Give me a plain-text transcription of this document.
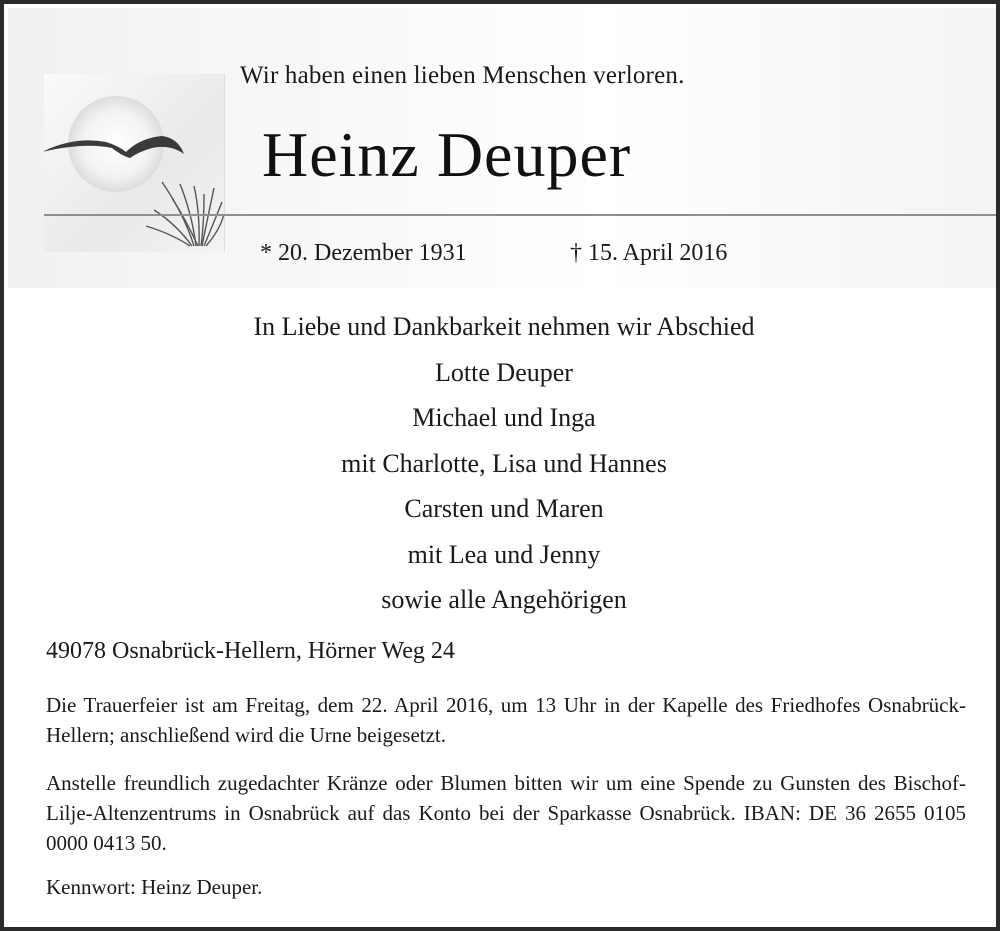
Wir haben einen lieben Menschen verloren.
Heinz Deuper
* 20. Dezember 1931	† 15. April 2016
In Liebe und Dankbarkeit nehmen wir Abschied
Lotte Deuper
Michael und Inga
mit Charlotte, Lisa und Hannes
Carsten und Maren
mit Lea und Jenny
sowie alle Angehörigen
49078 Osnabrück-Hellern, Hörner Weg 24
Die Trauerfeier ist am Freitag, dem 22. April 2016, um 13 Uhr in der Kapelle des Friedhofes Osnabrück-Hellern; anschließend wird die Urne beigesetzt.
Anstelle freundlich zugedachter Kränze oder Blumen bitten wir um eine Spende zu Gunsten des Bischof-Lilje-Altenzentrums in Osnabrück auf das Konto bei der Sparkasse Osnabrück. IBAN: DE 36 2655 0105 0000 0413 50.
Kennwort: Heinz Deuper.
